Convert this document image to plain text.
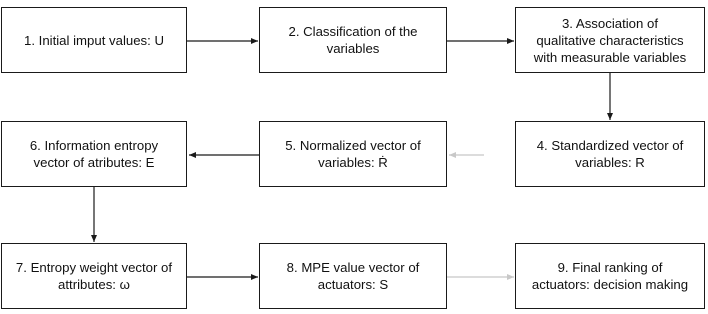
1. Initial imput values: U
2. Classification of the
variables
3. Association of
qualitative characteristics
with measurable variables
6. Information entropy
vector of atributes: E
5. Normalized vector of
variables: Ṙ
4. Standardized vector of
variables: R
7. Entropy weight vector of
attributes: ω
8. MPE value vector of
actuators: S
9. Final ranking of
actuators: decision making
